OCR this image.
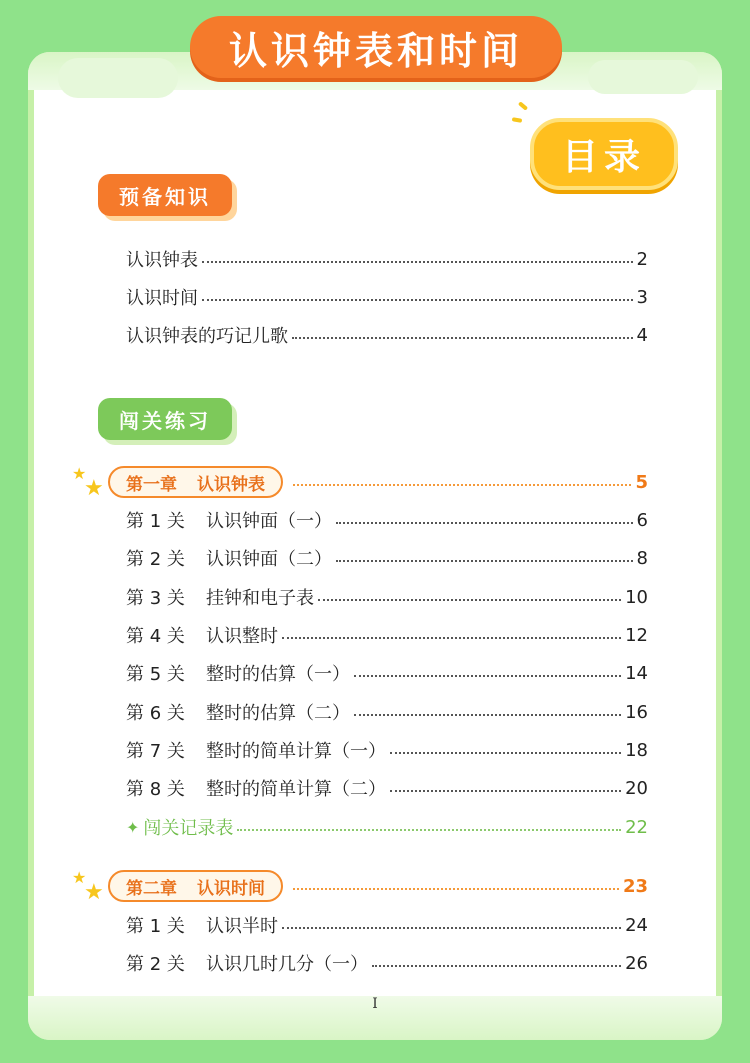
认识钟表和时间
目录
预备知识
认识钟表	2
认识时间	3
认识钟表的巧记儿歌	4
闯关练习
★
★ 第一章 认识钟表	5
第 1 关	认识钟面（一）	6
第 2 关	认识钟面（二）	8
第 3 关	挂钟和电子表	10
第 4 关	认识整时	12
第 5 关	整时的估算（一）	14
第 6 关	整时的估算（二）	16
第 7 关	整时的简单计算（一）	18
第 8 关	整时的简单计算（二）	20
✦ 闯关记录表	22
★
★ 第二章 认识时间	23
第 1 关	认识半时	24
第 2 关	认识几时几分（一）	26
I
